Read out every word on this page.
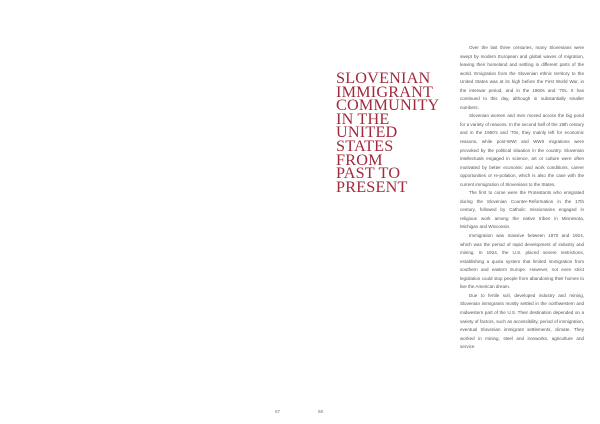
SLOVENIAN
IMMIGRANT
COMMUNITY
IN THE
UNITED
STATES
FROM
PAST TO
PRESENT

Over the last three centuries, many Slovenians were swept by modern European and global waves of migration, leaving their homeland and settling in different parts of the world. Emigration from the Slovenian ethnic territory to the United States was at its high before the First World War, in the interwar period, and in the 1960s and '70s. It has continued to this day, although in substantially smaller numbers.

Slovenian women and men moved across the big pond for a variety of reasons. In the second half of the 19th century and in the 1960's and '70s, they mainly left for economic reasons, while post-WWI and WWII migrations were provoked by the political situation in the country. Slovenian intellectuals engaged in science, art or culture were often motivated by better economic and work conditions, career opportunities or re-polation, which is also the case with the current immigration of Slovenians to the States.

The first to come were the Protestants who emigrated during the Slovenian Counter-Reformation in the 17th century, followed by Catholic missionaries engaged in religious work among the native tribes in Minnesota, Michigan and Wisconsin.

Immigration was massive between 1870 and 1924, which was the period of rapid development of industry and mining. In 1924, the U.S. placed severe restrictions, establishing a quota system that limited immigration from southern and eastern Europe. However, not even strict legislation could stop people from abandoning their homes to live the American dream.

Due to fertile soil, developed industry and mining, Slovenian immigrants mostly settled in the northwestern and midwestern part of the U.S. Their destination depended on a variety of factors, such as accessibility, period of immigration, eventual Slovenian immigrant settlements, climate. They worked in mining, steel and ironworks, agriculture and service

67	68
